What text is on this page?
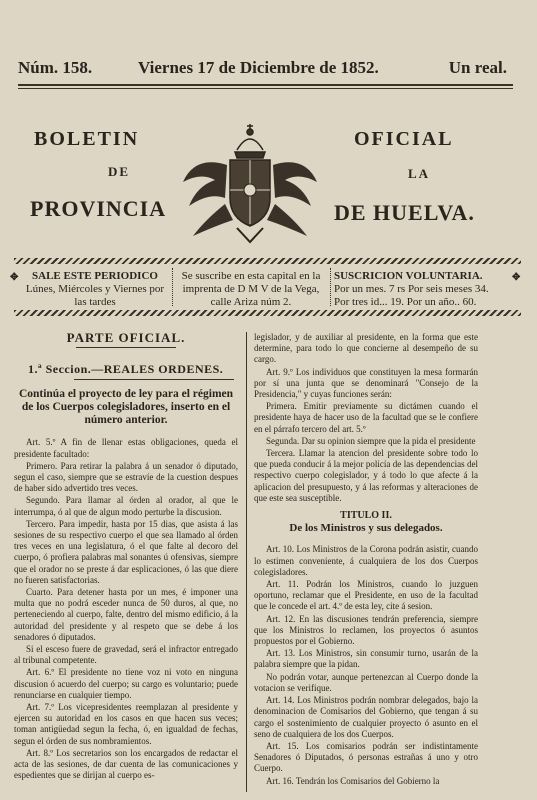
Núm. 158.	Viernes 17 de Diciembre de 1852.	Un real.
BOLETIN	OFICIAL
DE	LA
PROVINCIA	DE HUELVA.
✥	SALE ESTE PERIODICO
Lúnes, Miércoles y Viernes por las tardes
Se suscribe en esta capital en la imprenta de D M V de la Vega, calle Ariza núm 2.
SUSCRICION VOLUNTARIA.
Por un mes. 7 rs Por seis meses 34.
Por tres id... 19. Por un año.. 60.
✥
PARTE OFICIAL.
1.ª Seccion.—REALES ORDENES.
Continúa el proyecto de ley para el régimen de los Cuerpos colegisladores, inserto en el número anterior.

Art. 5.º A fin de llenar estas obligaciones, queda el presidente facultado:

Primero. Para retirar la palabra á un senador ó diputado, segun el caso, siempre que se estravíe de la cuestion despues de haber sido advertido tres veces.

Segundo. Para llamar al órden al orador, al que le interrumpa, ó al que de algun modo perturbe la discusion.

Tercero. Para impedir, hasta por 15 dias, que asista á las sesiones de su respectivo cuerpo el que sea llamado al órden tres veces en una legislatura, ó el que falte al decoro del cuerpo, ó profiera palabras mal sonantes ú ofensivas, siempre que el orador no se preste á dar esplicaciones, ó las que diere no fueren satisfactorias.

Cuarto. Para detener hasta por un mes, é imponer una multa que no podrá esceder nunca de 50 duros, al que, no perteneciendo al cuerpo, falte, dentro del mismo edificio, á la autoridad del presidente y al respeto que se debe á los senadores ó diputados.

Si el esceso fuere de gravedad, será el infractor entregado al tribunal competente.

Art. 6.º El presidente no tiene voz ni voto en ninguna discusion ó acuerdo del cuerpo; su cargo es voluntario; puede renunciarse en cualquier tiempo.

Art. 7.º Los vicepresidentes reemplazan al presidente y ejercen su autoridad en los casos en que hacen sus veces; toman antigüedad segun la fecha, ó, en igualdad de fechas, segun el órden de sus nombramientos.

Art. 8.º Los secretarios son los encargados de redactar el acta de las sesiones, de dar cuenta de las comunicaciones y espedientes que se dirijan al cuerpo es-

legislador, y de auxiliar al presidente, en la forma que este determine, para todo lo que concierne al desempeño de su cargo.

Art. 9.º Los individuos que constituyen la mesa formarán por sí una junta que se denominará "Consejo de la Presidencia," y cuyas funciones serán:

Primera. Emitir previamente su dictámen cuando el presidente haya de hacer uso de la facultad que se le confiere en el párrafo tercero del art. 5.º

Segunda. Dar su opinion siempre que la pida el presidente

Tercera. Llamar la atencion del presidente sobre todo lo que pueda conducir á la mejor policía de las dependencias del respectivo cuerpo colegislador, y á todo lo que afecte á la aplicacion del presupuesto, y á las reformas y alteraciones de que este sea susceptible.

TITULO II.
De los Ministros y sus delegados.

Art. 10. Los Ministros de la Corona podrán asistir, cuando lo estimen conveniente, á cualquiera de los dos Cuerpos colegisladores.

Art. 11. Podrán los Ministros, cuando lo juzguen oportuno, reclamar que el Presidente, en uso de la facultad que le concede el art. 4.º de esta ley, cite á sesion.

Art. 12. En las discusiones tendrán preferencia, siempre que los Ministros lo reclamen, los proyectos ó asuntos propuestos por el Gobierno.

Art. 13. Los Ministros, sin consumir turno, usarán de la palabra siempre que la pidan.

No podrán votar, aunque pertenezcan al Cuerpo donde la votacion se verifique.

Art. 14. Los Ministros podrán nombrar delegados, bajo la denominacion de Comisarios del Gobierno, que tengan á su cargo el sostenimiento de cualquier proyecto ó asunto en el seno de cualquiera de los dos Cuerpos.

Art. 15. Los comisarios podrán ser indistintamente Senadores ó Diputados, ó personas estrañas á uno y otro Cuerpo.

Art. 16. Tendrán los Comisarios del Gobierno la
